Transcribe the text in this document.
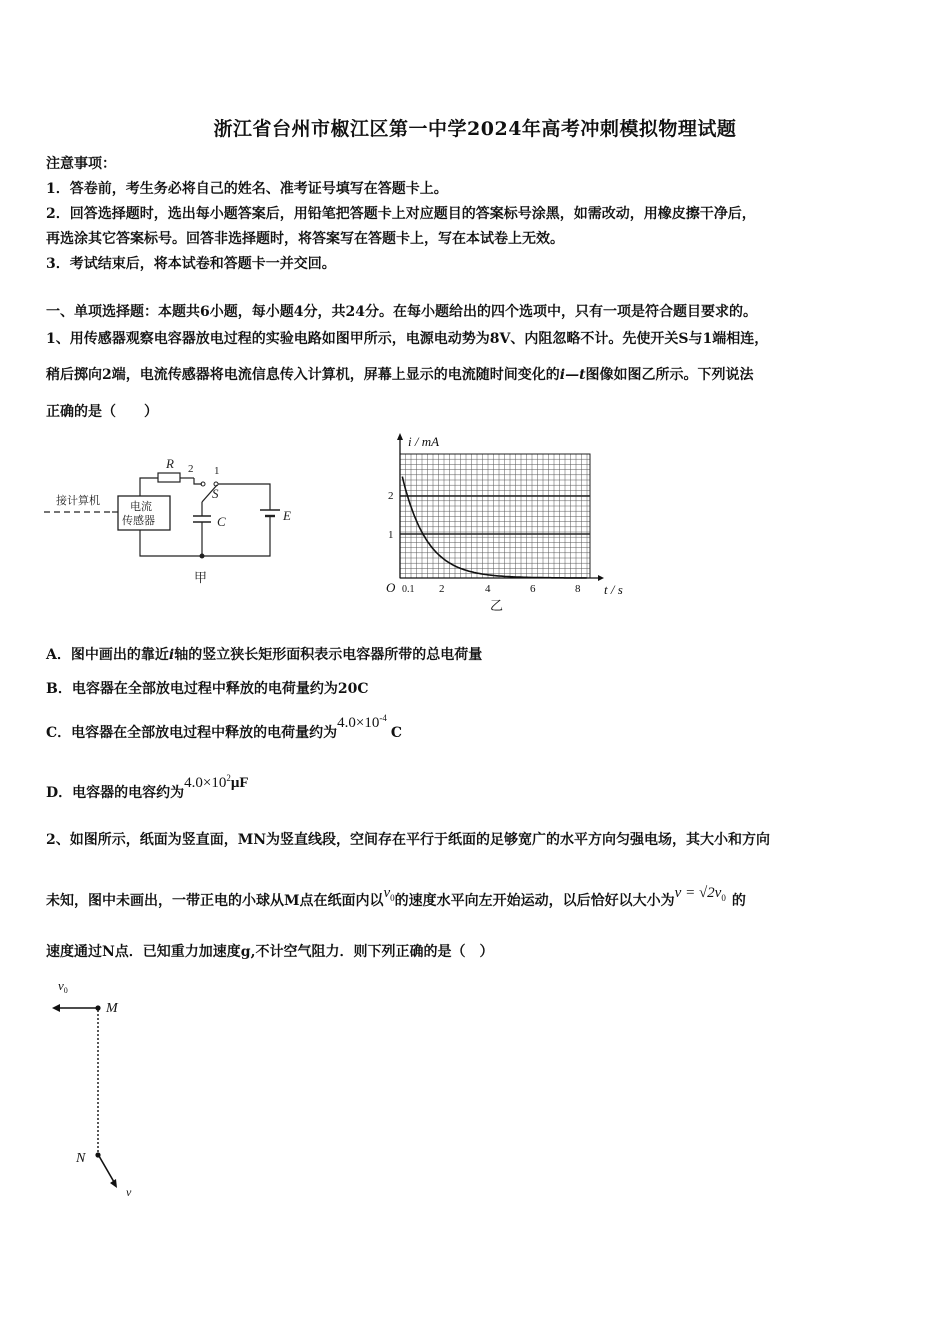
浙江省台州市椒江区第一中学2024年高考冲刺模拟物理试题
注意事项：
1．答卷前，考生务必将自己的姓名、准考证号填写在答题卡上。
2．回答选择题时，选出每小题答案后，用铅笔把答题卡上对应题目的答案标号涂黑，如需改动，用橡皮擦干净后，
再选涂其它答案标号。回答非选择题时，将答案写在答题卡上，写在本试卷上无效。
3．考试结束后，将本试卷和答题卡一并交回。
一、单项选择题：本题共6小题，每小题4分，共24分。在每小题给出的四个选项中，只有一项是符合题目要求的。
1、用传感器观察电容器放电过程的实验电路如图甲所示，电源电动势为8V、内阻忽略不计。先使开关S与1端相连，
稍后掷向2端，电流传感器将电流信息传入计算机，屏幕上显示的电流随时间变化的i—t图像如图乙所示。下列说法
正确的是（　　）
接计算机	电流
传感器
R 2 1
S
C	E
甲
i / mA
t / s
O
2
1
0.1 2	4	6	8
乙
A．图中画出的靠近i轴的竖立狭长矩形面积表示电容器所带的总电荷量
B．电容器在全部放电过程中释放的电荷量约为20C
C．电容器在全部放电过程中释放的电荷量约为$4.0\times 10^{-4}C$
D．电容器的电容约为$4.0\times 10^2\mu F$
2、如图所示，纸面为竖直面，MN为竖直线段，空间存在平行于纸面的足够宽广的水平方向匀强电场，其大小和方向
未知，图中未画出，一带正电的小球从M点在纸面内以$v_0$的速度水平向左开始运动，以后恰好以大小为$v = √2v_0$ 的
速度通过N点．已知重力加速度g,不计空气阻力．则下列正确的是（　）
$v_0$
M
N
v
